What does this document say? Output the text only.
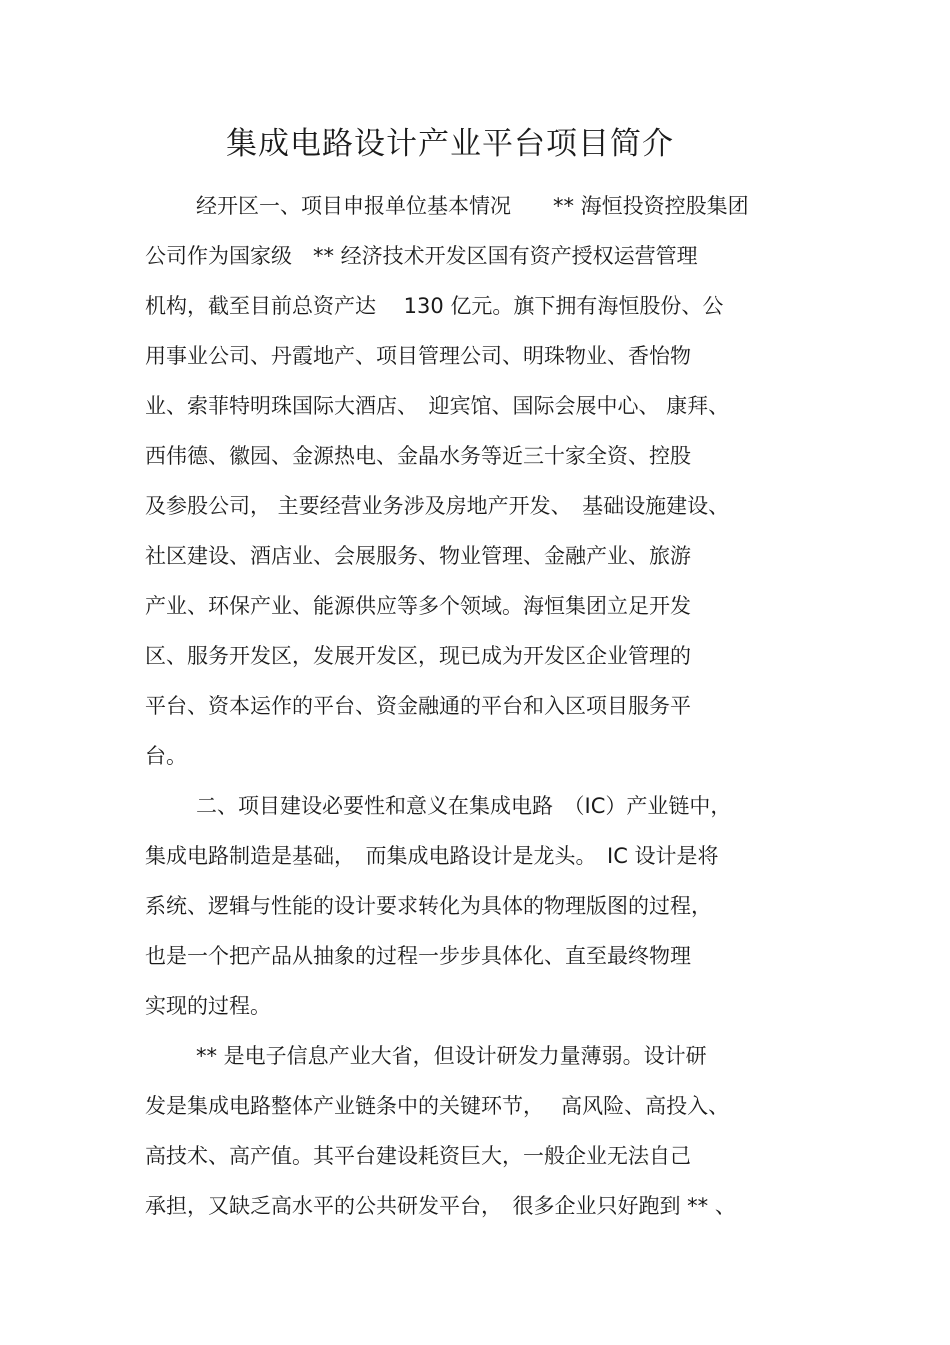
集成电路设计产业平台项目简介

经开区一、项目申报单位基本情况　　** 海恒投资控股集团

公司作为国家级　** 经济技术开发区国有资产授权运营管理

机构，截至目前总资产达　 130 亿元。旗下拥有海恒股份、公

用事业公司、丹霞地产、项目管理公司、明珠物业、香怡物

业、索菲特明珠国际大酒店、　迎宾馆、国际会展中心、 康拜、

西伟德、徽园、金源热电、金晶水务等近三十家全资、控股

及参股公司， 主要经营业务涉及房地产开发、　基础设施建设、

社区建设、酒店业、会展服务、物业管理、金融产业、旅游

产业、环保产业、能源供应等多个领域。海恒集团立足开发

区、服务开发区，发展开发区，现已成为开发区企业管理的

平台、资本运作的平台、资金融通的平台和入区项目服务平

台。

二、项目建设必要性和意义在集成电路　（IC）产业链中，

集成电路制造是基础，　而集成电路设计是龙头。　IC 设计是将

系统、逻辑与性能的设计要求转化为具体的物理版图的过程，

也是一个把产品从抽象的过程一步步具体化、直至最终物理

实现的过程。

** 是电子信息产业大省，但设计研发力量薄弱。设计研

发是集成电路整体产业链条中的关键环节，　 高风险、高投入、

高技术、高产值。其平台建设耗资巨大，一般企业无法自己

承担，又缺乏高水平的公共研发平台，　很多企业只好跑到 ** 、
